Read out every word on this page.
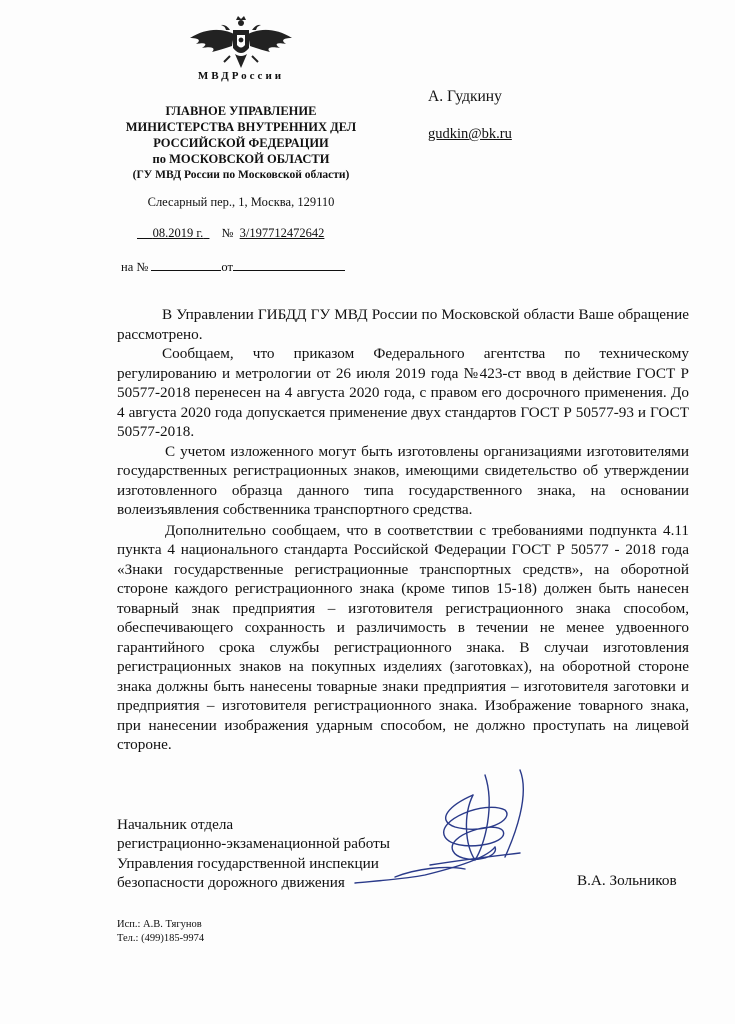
МВДРоссии
ГЛАВНОЕ УПРАВЛЕНИЕ
МИНИСТЕРСТВА ВНУТРЕННИХ ДЕЛ
РОССИЙСКОЙ ФЕДЕРАЦИИ
по МОСКОВСКОЙ ОБЛАСТИ
(ГУ МВД России по Московской области)
Слесарный пер., 1, Москва, 129110
08.2019 г. № 3/197712472642
на №	от
А. Гудкину
gudkin@bk.ru

В Управлении ГИБДД ГУ МВД России по Московской области Ваше обращение рассмотрено.

Сообщаем, что приказом Федерального агентства по техническому регулированию и метрологии от 26 июля 2019 года №423-ст ввод в действие ГОСТ Р 50577-2018 перенесен на 4 августа 2020 года, с правом его досрочного применения. До 4 августа 2020 года допускается применение двух стандартов ГОСТ Р 50577-93 и ГОСТ 50577-2018.

С учетом изложенного могут быть изготовлены организациями изготовителями государственных регистрационных знаков, имеющими свидетельство об утверждении изготовленного образца данного типа государственного знака, на основании волеизъявления собственника транспортного средства.

Дополнительно сообщаем, что в соответствии с требованиями подпункта 4.11 пункта 4 национального стандарта Российской Федерации ГОСТ Р 50577 - 2018 года «Знаки государственные регистрационные транспортных средств», на оборотной стороне каждого регистрационного знака (кроме типов 15-18) должен быть нанесен товарный знак предприятия – изготовителя регистрационного знака способом, обеспечивающего сохранность и различимость в течении не менее удвоенного гарантийного срока службы регистрационного знака. В случаи изготовления регистрационных знаков на покупных изделиях (заготовках), на оборотной стороне знака должны быть нанесены товарные знаки предприятия – изготовителя заготовки и предприятия – изготовителя регистрационного знака. Изображение товарного знака, при нанесении изображения ударным способом, не должно проступать на лицевой стороне.

Начальник отдела
регистрационно-экзаменационной работы
Управления государственной инспекции
безопасности дорожного движения	В.А. Зольников
Исп.: А.В. Тягунов
Тел.: (499)185-9974
